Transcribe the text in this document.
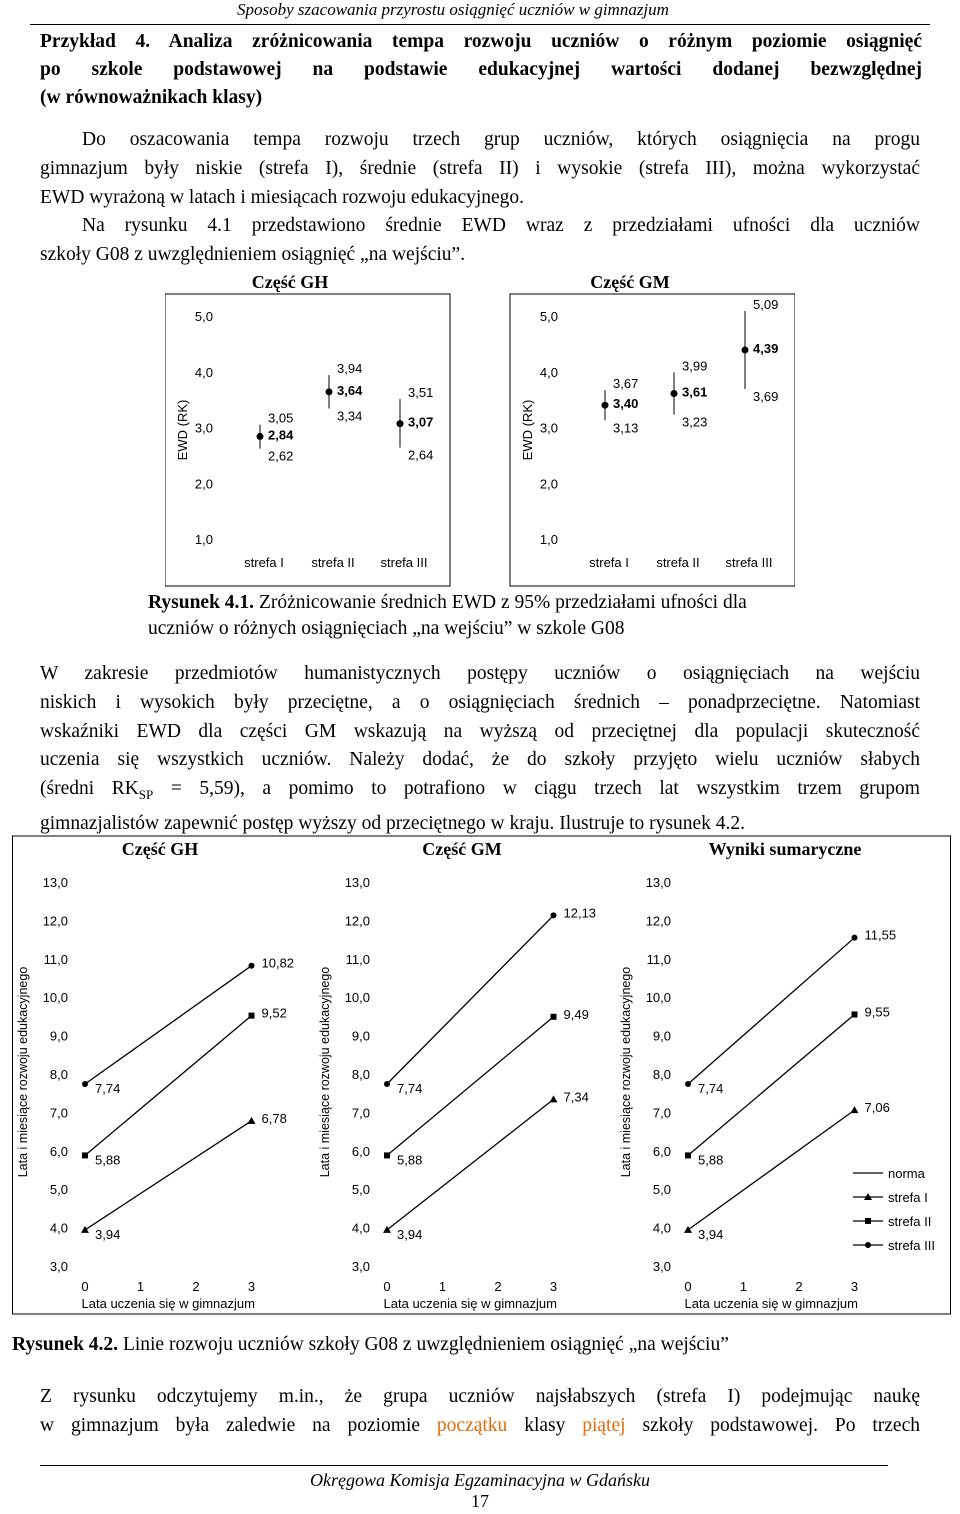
Sposoby szacowania przyrostu osiągnięć uczniów w gimnazjum
Przykład 4. Analiza zróżnicowania tempa rozwoju uczniów o różnym poziomie osiągnięć
po szkole podstawowej na podstawie edukacyjnej wartości dodanej bezwzględnej
(w równoważnikach klasy)
Do oszacowania tempa rozwoju trzech grup uczniów, których osiągnięcia na progu
gimnazjum były niskie (strefa I), średnie (strefa II) i wysokie (strefa III), można wykorzystać
EWD wyrażoną w latach i miesiącach rozwoju edukacyjnego.
Na rysunku 4.1 przedstawiono średnie EWD wraz z przedziałami ufności dla uczniów
szkoły G08 z uwzględnieniem osiągnięć „na wejściu”.
Część GH
5,0
4,0
3,0
2,0
1,0
EWD (RK)
strefa I strefa II strefa III
3,05
2,84
2,62
3,94
3,64
3,34
3,51
3,07
2,64
Część GM
5,0
4,0
3,0
2,0
1,0
EWD (RK)
strefa I strefa II strefa III
3,67
3,40
3,13
3,99
3,61
3,23
5,09
4,39
3,69
Rysunek 4.1. Zróżnicowanie średnich EWD z 95% przedziałami ufności dla
uczniów o różnych osiągnięciach „na wejściu” w szkole G08
W zakresie przedmiotów humanistycznych postępy uczniów o osiągnięciach na wejściu
niskich i wysokich były przeciętne, a o osiągnięciach średnich – ponadprzeciętne. Natomiast
wskaźniki EWD dla części GM wskazują na wyższą od przeciętnej dla populacji skuteczność
uczenia się wszystkich uczniów. Należy dodać, że do szkoły przyjęto wielu uczniów słabych
(średni $RK_{SP} = 5,59$), a pomimo to potrafiono w ciągu trzech lat wszystkim trzem grupom
gimnazjalistów zapewnić postęp wyższy od przeciętnego w kraju. Ilustruje to rysunek 4.2.
Część GH
13,0
12,0
11,0
10,0
9,0
8,0
7,0
6,0
5,0
4,0
3,0
Lata i miesiące rozwoju edukacyjnego
0	1	2	3
Lata uczenia się w gimnazjum
7,74
10,82
5,88
9,52
3,94
6,78
Część GM
13,0
12,0
11,0
10,0
9,0
8,0
7,0
6,0
5,0
4,0
3,0
Lata i miesiące rozwoju edukacyjnego
0	1	2	3
Lata uczenia się w gimnazjum
7,74
12,13
5,88
9,49
3,94
7,34
Wyniki sumaryczne
13,0
12,0
11,0
10,0
9,0
8,0
7,0
6,0
5,0
4,0
3,0
Lata i miesiące rozwoju edukacyjnego
0	1	2	3
Lata uczenia się w gimnazjum
7,74
11,55
5,88
9,55
3,94
7,06
norma
strefa I
strefa II
strefa III
Rysunek 4.2. Linie rozwoju uczniów szkoły G08 z uwzględnieniem osiągnięć „na wejściu”
Z rysunku odczytujemy m.in., że grupa uczniów najsłabszych (strefa I) podejmując naukę
w gimnazjum była zaledwie na poziomie początku klasy piątej szkoły podstawowej. Po trzech
Okręgowa Komisja Egzaminacyjna w Gdańsku
17
